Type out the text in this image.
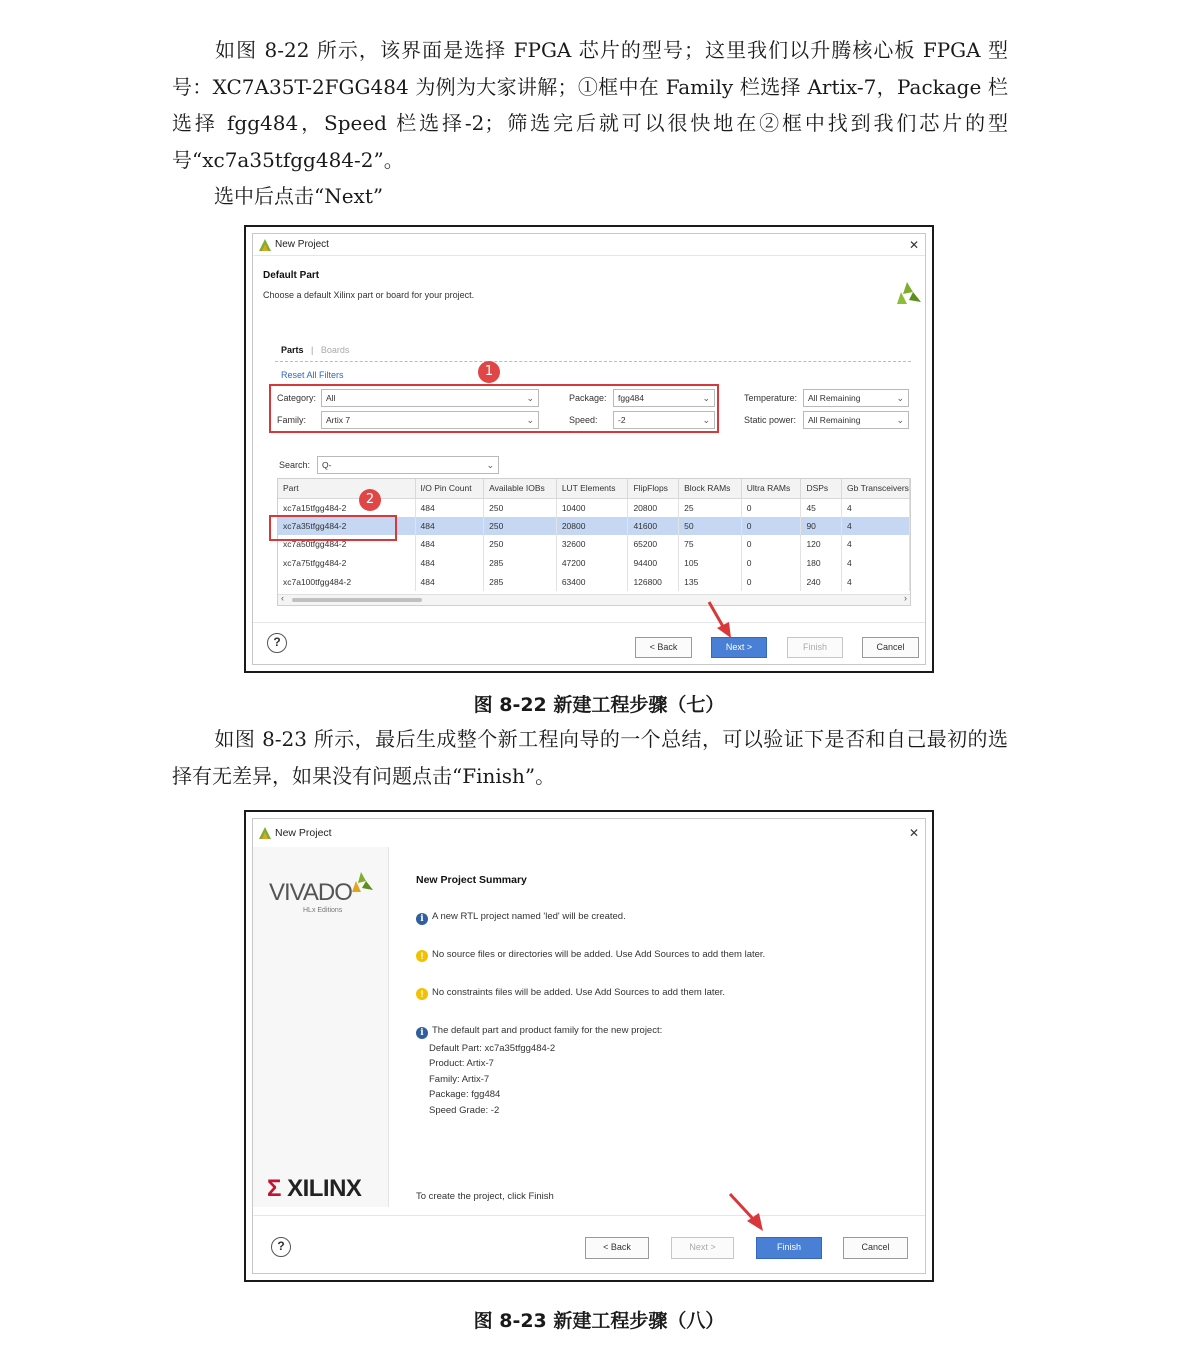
如图 8-22 所示，该界面是选择 FPGA 芯片的型号；这里我们以升腾核心板 FPGA 型号：XC7A35T-2FGG484 为例为大家讲解；①框中在 Family 栏选择 Artix-7，Package 栏选择 fgg484，Speed 栏选择-2；筛选完后就可以很快地在②框中找到我们芯片的型号“xc7a35tfgg484-2”。

选中后点击“Next”

New Project	✕
Default Part
Choose a default Xilinx part or board for your project.
Parts | Boards
Reset All Filters
Category:	All	⌄
Family:	Artix 7	⌄
Package:	fgg484	⌄
Speed:	-2	⌄
Temperature:	All Remaining	⌄
Static power:	All Remaining	⌄
1
Search:	Q-	⌄
Part	I/O Pin Count	Available IOBs	LUT Elements	FlipFlops	Block RAMs	Ultra RAMs	DSPs	Gb Transceivers
xc7a15tfgg484-2	484	250	10400	20800	25	0	45	4
xc7a35tfgg484-2	484	250	20800	41600	50	0	90	4
xc7a50tfgg484-2	484	250	32600	65200	75	0	120	4
xc7a75tfgg484-2	484	285	47200	94400	105	0	180	4
xc7a100tfgg484-2	484	285	63400	126800	135	0	240	4
‹	›
2
?	< Back	Next >	Finish	Cancel
图 8-22 新建工程步骤（七）

如图 8-23 所示，最后生成整个新工程向导的一个总结，可以验证下是否和自己最初的选择有无差异，如果没有问题点击“Finish”。

New Project	✕
VIVADO
HLx Editions
Σ XILINX
New Project Summary
i A new RTL project named 'led' will be created.
! No source files or directories will be added. Use Add Sources to add them later.
! No constraints files will be added. Use Add Sources to add them later.
i The default part and product family for the new project:
Default Part: xc7a35tfgg484-2
Product: Artix-7
Family: Artix-7
Package: fgg484
Speed Grade: -2
To create the project, click Finish
?	< Back	Next >	Finish	Cancel
图 8-23 新建工程步骤（八）
